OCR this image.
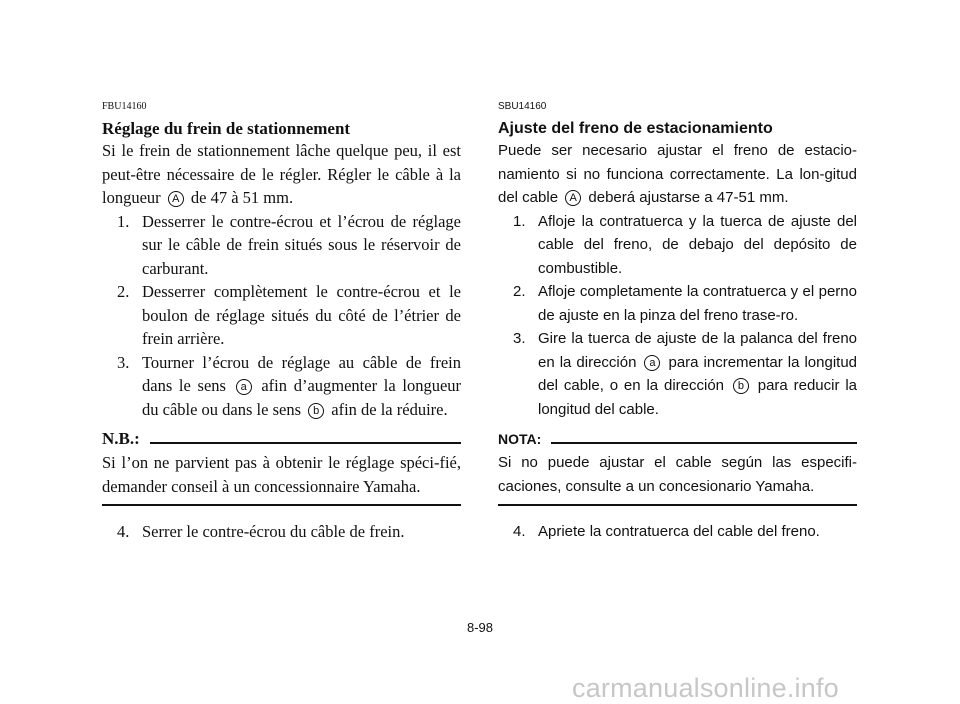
FBU14160
Réglage du frein de stationnement
Si le frein de stationnement lâche quelque peu, il est peut-être nécessaire de le régler. Régler le câble à la longueur A de 47 à 51 mm.
1. Desserrer le contre-écrou et l’écrou de réglage sur le câble de frein situés sous le réservoir de carburant.
2. Desserrer complètement le contre-écrou et le boulon de réglage situés du côté de l’étrier de frein arrière.
3. Tourner l’écrou de réglage au câble de frein dans le sens a afin d’augmenter la longueur du câble ou dans le sens b afin de la réduire.
N.B.:
Si l’on ne parvient pas à obtenir le réglage spéci-fié, demander conseil à un concessionnaire Yamaha.
4. Serrer le contre-écrou du câble de frein.
SBU14160
Ajuste del freno de estacionamiento
Puede ser necesario ajustar el freno de estacio-namiento si no funciona correctamente. La lon-gitud del cable A deberá ajustarse a 47-51 mm.
1. Afloje la contratuerca y la tuerca de ajuste del cable del freno, de debajo del depósito de combustible.
2. Afloje completamente la contratuerca y el perno de ajuste en la pinza del freno trase-ro.
3. Gire la tuerca de ajuste de la palanca del freno en la dirección a para incrementar la longitud del cable, o en la dirección b para reducir la longitud del cable.
NOTA:
Si no puede ajustar el cable según las especifi-caciones, consulte a un concesionario Yamaha.
4. Apriete la contratuerca del cable del freno.
8-98
carmanualsonline.info
